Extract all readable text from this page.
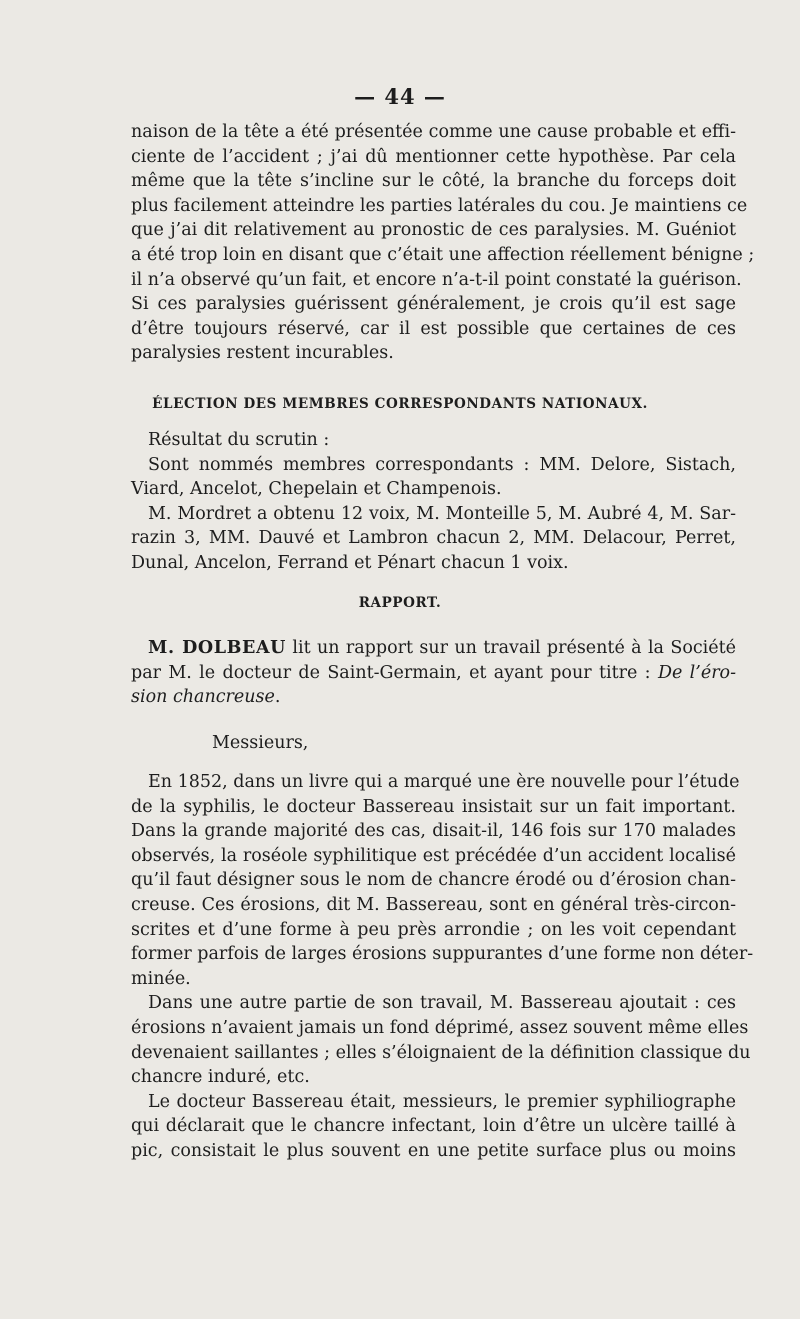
— 44 —
naison de la tête a été présentée comme une cause probable et effi-
ciente de l’accident ; j’ai dû mentionner cette hypothèse. Par cela
même que la tête s’incline sur le côté, la branche du forceps doit
plus facilement atteindre les parties latérales du cou. Je maintiens ce
que j’ai dit relativement au pronostic de ces paralysies. M. Guéniot
a été trop loin en disant que c’était une affection réellement bénigne ;
il n’a observé qu’un fait, et encore n’a-t-il point constaté la guérison.
Si ces paralysies guérissent généralement, je crois qu’il est sage
d’être toujours réservé, car il est possible que certaines de ces
paralysies restent incurables.
ÉLECTION DES MEMBRES CORRESPONDANTS NATIONAUX.
Résultat du scrutin :
Sont nommés membres correspondants : MM. Delore, Sistach,
Viard, Ancelot, Chepelain et Champenois.
M. Mordret a obtenu 12 voix, M. Monteille 5, M. Aubré 4, M. Sar-
razin 3, MM. Dauvé et Lambron chacun 2, MM. Delacour, Perret,
Dunal, Ancelon, Ferrand et Pénart chacun 1 voix.
RAPPORT.
M. DOLBEAU lit un rapport sur un travail présenté à la Société
par M. le docteur de Saint-Germain, et ayant pour titre : De l’éro-
sion chancreuse.
Messieurs,
En 1852, dans un livre qui a marqué une ère nouvelle pour l’étude
de la syphilis, le docteur Bassereau insistait sur un fait important.
Dans la grande majorité des cas, disait-il, 146 fois sur 170 malades
observés, la roséole syphilitique est précédée d’un accident localisé
qu’il faut désigner sous le nom de chancre érodé ou d’érosion chan-
creuse. Ces érosions, dit M. Bassereau, sont en général très-circon-
scrites et d’une forme à peu près arrondie ; on les voit cependant
former parfois de larges érosions suppurantes d’une forme non déter-
minée.
Dans une autre partie de son travail, M. Bassereau ajoutait : ces
érosions n’avaient jamais un fond déprimé, assez souvent même elles
devenaient saillantes ; elles s’éloignaient de la définition classique du
chancre induré, etc.
Le docteur Bassereau était, messieurs, le premier syphiliographe
qui déclarait que le chancre infectant, loin d’être un ulcère taillé à
pic, consistait le plus souvent en une petite surface plus ou moins
